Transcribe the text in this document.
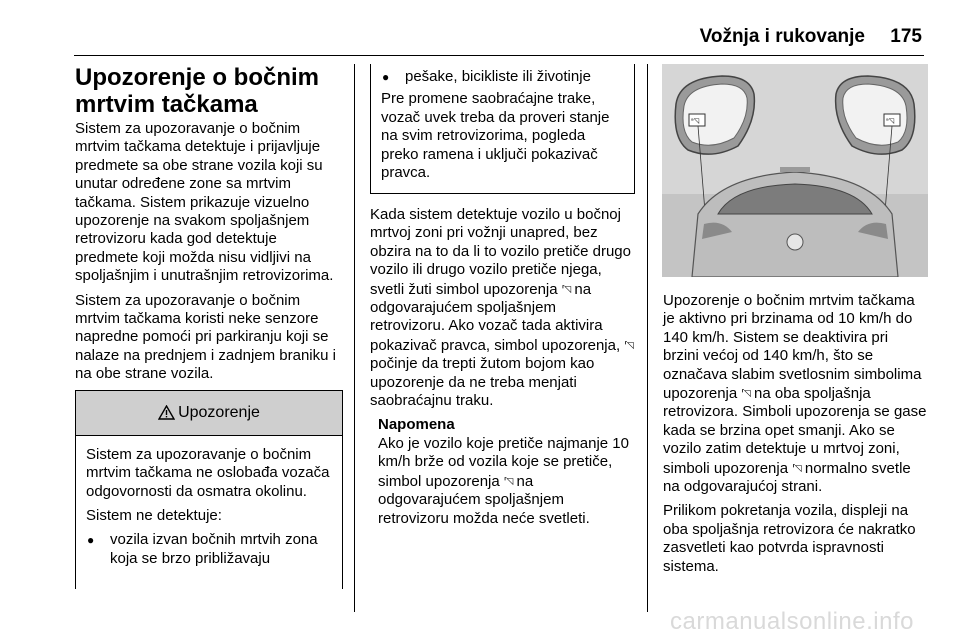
Vožnja i rukovanje 175
Upozorenje o bočnim
mrtvim tačkama

Sistem za upozoravanje o bočnim mrtvim tačkama detektuje i prijavljuje predmete sa obe strane vozila koji su unutar određene zone sa mrtvim tačkama. Sistem prikazuje vizuelno upozorenje na svakom spoljašnjem retrovizoru kada god detektuje predmete koji možda nisu vidljivi na spoljašnjim i unutrašnjim retrovizorima.

Sistem za upozoravanje o bočnim mrtvim tačkama koristi neke senzore napredne pomoći pri parkiranju koji se nalaze na prednjem i zadnjem braniku i na obe strane vozila.

Upozorenje

Sistem za upozoravanje o bočnim mrtvim tačkama ne oslobađa vozača odgovornosti da osmatra okolinu.

Sistem ne detektuje:

● vozila izvan bočnih mrtvih zona koja se brzo približavaju
● pešake, bicikliste ili životinje

Pre promene saobraćajne trake, vozač uvek treba da proveri stanje na svim retrovizorima, pogleda preko ramena i uključi pokazivač pravca.

Kada sistem detektuje vozilo u bočnoj mrtvoj zoni pri vožnji unapred, bez obzira na to da li to vozilo pretiče drugo vozilo ili drugo vozilo pretiče njega, svetli žuti simbol upozorenja ⸢◹ na odgovarajućem spoljašnjem retrovizoru. Ako vozač tada aktivira pokazivač pravca, simbol upozorenja, ⸢◹ počinje da trepti žutom bojom kao upozorenje da ne treba menjati saobraćajnu traku.

Napomena

Ako je vozilo koje pretiče najmanje 10 km/h brže od vozila koje se pretiče, simbol upozorenja ⸢◹ na odgovarajućem spoljašnjem retrovizoru možda neće svetleti.

ᵃ◹	ᵃ◹

Upozorenje o bočnim mrtvim tačkama je aktivno pri brzinama od 10 km/h do 140 km/h. Sistem se deaktivira pri brzini većoj od 140 km/h, što se označava slabim svetlosnim simbolima upozorenja ⸢◹ na oba spoljašnja retrovizora. Simboli upozorenja se gase kada se brzina opet smanji. Ako se vozilo zatim detektuje u mrtvoj zoni, simboli upozorenja ⸢◹ normalno svetle na odgovarajućoj strani.

Prilikom pokretanja vozila, displeji na oba spoljašnja retrovizora će nakratko zasvetleti kao potvrda ispravnosti sistema.

carmanualsonline.info
